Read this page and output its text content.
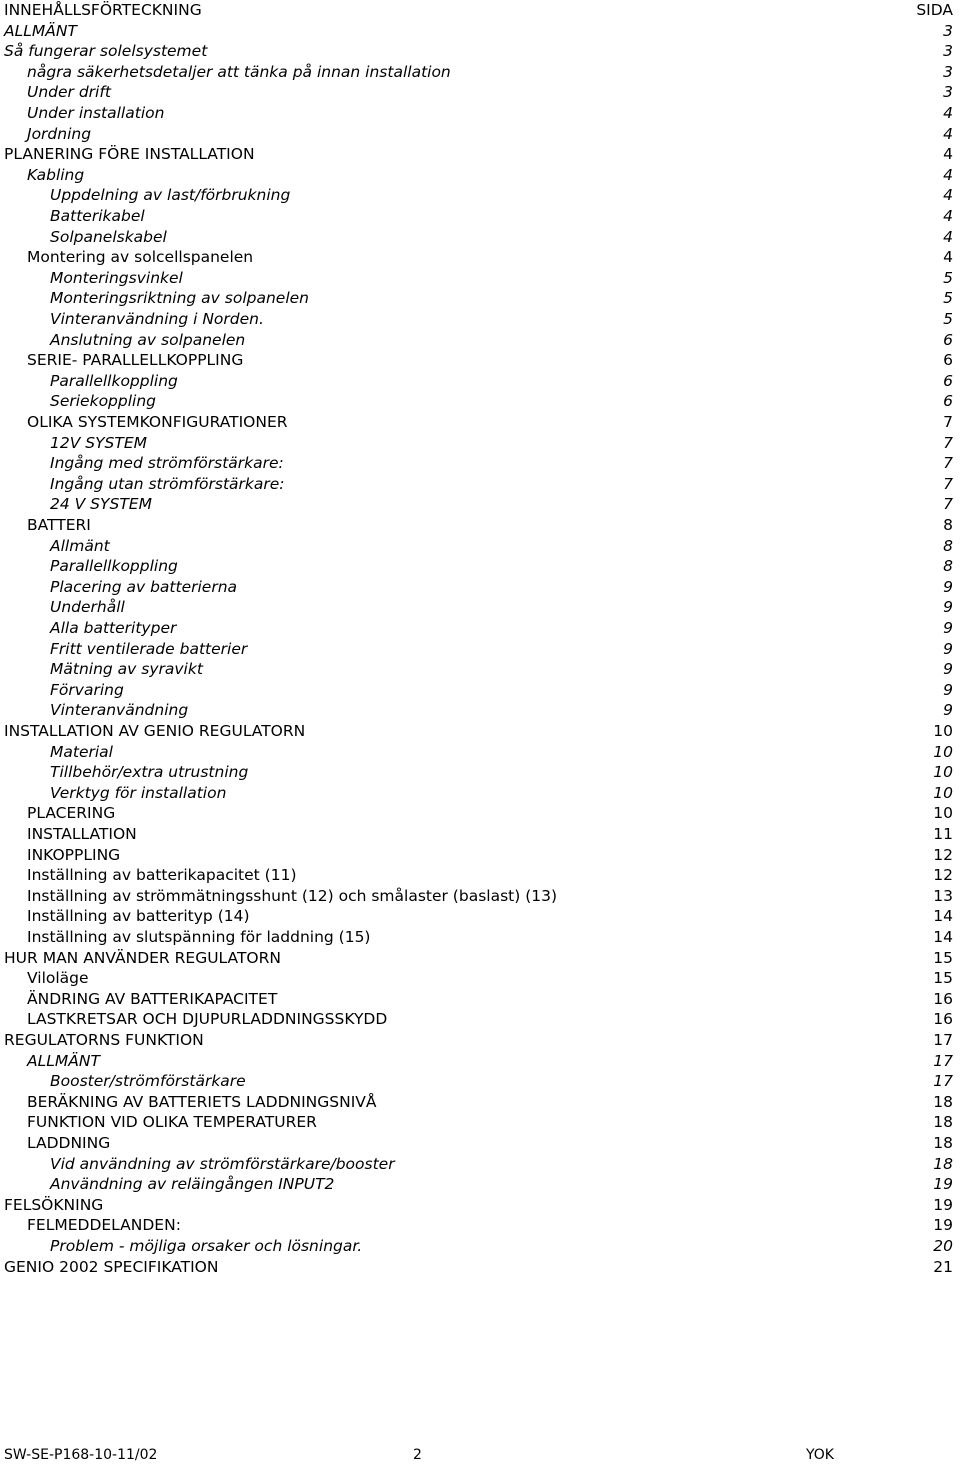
INNEHÅLLSFÖRTECKNING	SIDA
ALLMÄNT	3
Så fungerar solelsystemet	3
några säkerhetsdetaljer att tänka på innan installation	3
Under drift	3
Under installation	4
Jordning	4
PLANERING FÖRE INSTALLATION	4
Kabling	4
Uppdelning av last/förbrukning	4
Batterikabel	4
Solpanelskabel	4
Montering av solcellspanelen	4
Monteringsvinkel	5
Monteringsriktning av solpanelen	5
Vinteranvändning i Norden.	5
Anslutning av solpanelen	6
SERIE- PARALLELLKOPPLING	6
Parallellkoppling	6
Seriekoppling	6
OLIKA SYSTEMKONFIGURATIONER	7
12V SYSTEM	7
Ingång med strömförstärkare:	7
Ingång utan strömförstärkare:	7
24 V SYSTEM	7
BATTERI	8
Allmänt	8
Parallellkoppling	8
Placering av batterierna	9
Underhåll	9
Alla batterityper	9
Fritt ventilerade batterier	9
Mätning av syravikt	9
Förvaring	9
Vinteranvändning	9
INSTALLATION AV GENIO REGULATORN	10
Material	10
Tillbehör/extra utrustning	10
Verktyg för installation	10
PLACERING	10
INSTALLATION	11
INKOPPLING	12
Inställning av batterikapacitet (11)	12
Inställning av strömmätningsshunt (12) och smålaster (baslast) (13)	13
Inställning av batterityp (14)	14
Inställning av slutspänning för laddning (15)	14
HUR MAN ANVÄNDER REGULATORN	15
Viloläge	15
ÄNDRING AV BATTERIKAPACITET	16
LASTKRETSAR OCH DJUPURLADDNINGSSKYDD	16
REGULATORNS FUNKTION	17
ALLMÄNT	17
Booster/strömförstärkare	17
BERÄKNING AV BATTERIETS LADDNINGSNIVÅ	18
FUNKTION VID OLIKA TEMPERATURER	18
LADDNING	18
Vid användning av strömförstärkare/booster	18
Användning av reläingången INPUT2	19
FELSÖKNING	19
FELMEDDELANDEN:	19
Problem - möjliga orsaker och lösningar.	20
GENIO 2002 SPECIFIKATION	21
SW-SE-P168-10-11/02	2	YOK
